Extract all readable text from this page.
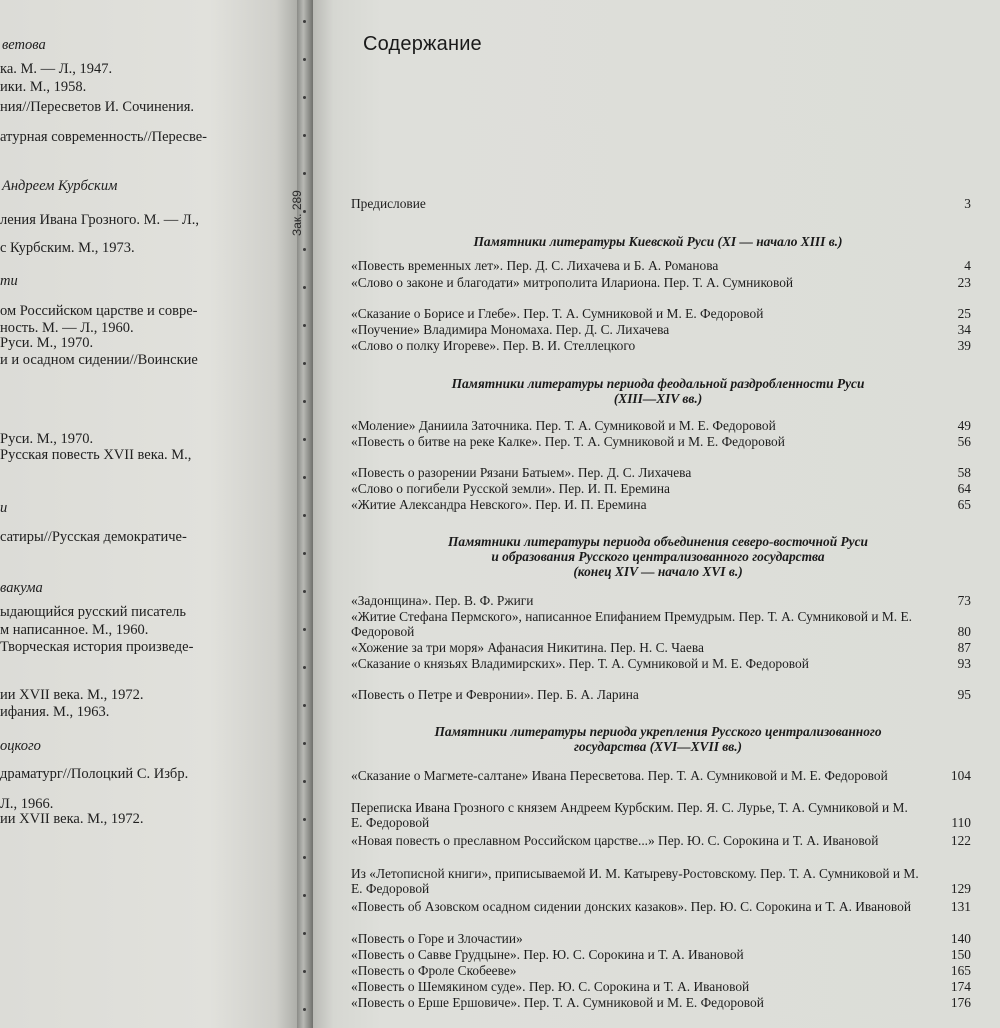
ветова
ка. М. — Л., 1947.
ики. М., 1958.
ния//Пересветов И. Сочинения.
атурная современность//Пересве-
Андреем Курбским
ления Ивана Грозного. М. — Л.,
с Курбским. М., 1973.
ти
ом Российском царстве и совре-
ность. М. — Л., 1960.
Руси. М., 1970.
и и осадном сидении//Воинские
Руси. М., 1970.
Русская повесть XVII века. М.,
и
сатиры//Русская демократиче-
вакума
ыдающийся русский писатель
м написанное. М., 1960.
Творческая история произведе-
ии XVII века. М., 1972.
ифания. М., 1963.
оцкого
драматург//Полоцкий С. Избр.
Л., 1966.
ии XVII века. М., 1972.
Зак. 289
Содержание
Предисловие	3
Памятники литературы Киевской Руси (XI — начало XIII в.)
«Повесть временных лет». Пер. Д. С. Лихачева и Б. А. Романова	4
«Слово о законе и благодати» митрополита Илариона. Пер. Т. А. Сумниковой	23
«Сказание о Борисе и Глебе». Пер. Т. А. Сумниковой и М. Е. Федоровой	25
«Поучение» Владимира Мономаха. Пер. Д. С. Лихачева	34
«Слово о полку Игореве». Пер. В. И. Стеллецкого	39
Памятники литературы периода феодальной раздробленности Руси
(XIII—XIV вв.)
«Моление» Даниила Заточника. Пер. Т. А. Сумниковой и М. Е. Федоровой	49
«Повесть о битве на реке Калке». Пер. Т. А. Сумниковой и М. Е. Федоровой	56
«Повесть о разорении Рязани Батыем». Пер. Д. С. Лихачева	58
«Слово о погибели Русской земли». Пер. И. П. Еремина	64
«Житие Александра Невского». Пер. И. П. Еремина	65
Памятники литературы периода объединения северо-восточной Руси
и образования Русского централизованного государства
(конец XIV — начало XVI в.)
«Задонщина». Пер. В. Ф. Ржиги	73
«Житие Стефана Пермского», написанное Епифанием Премудрым. Пер. Т. А. Сумниковой и М. Е. Федоровой	80
«Хожение за три моря» Афанасия Никитина. Пер. Н. С. Чаева	87
«Сказание о князьях Владимирских». Пер. Т. А. Сумниковой и М. Е. Федоровой	93
«Повесть о Петре и Февронии». Пер. Б. А. Ларина	95
Памятники литературы периода укрепления Русского централизованного
государства (XVI—XVII вв.)
«Сказание о Магмете-салтане» Ивана Пересветова. Пер. Т. А. Сумниковой и М. Е. Федоровой	104
Переписка Ивана Грозного с князем Андреем Курбским. Пер. Я. С. Лурье, Т. А. Сумниковой и М. Е. Федоровой	110
«Новая повесть о преславном Российском царстве...» Пер. Ю. С. Сорокина и Т. А. Ивановой	122
Из «Летописной книги», приписываемой И. М. Катыреву-Ростовскому. Пер. Т. А. Сумниковой и М. Е. Федоровой	129
«Повесть об Азовском осадном сидении донских казаков». Пер. Ю. С. Сорокина и Т. А. Ивановой	131
«Повесть о Горе и Злочастии»	140
«Повесть о Савве Грудцыне». Пер. Ю. С. Сорокина и Т. А. Ивановой	150
«Повесть о Фроле Скобееве»	165
«Повесть о Шемякином суде». Пер. Ю. С. Сорокина и Т. А. Ивановой	174
«Повесть о Ерше Ершовиче». Пер. Т. А. Сумниковой и М. Е. Федоровой	176
